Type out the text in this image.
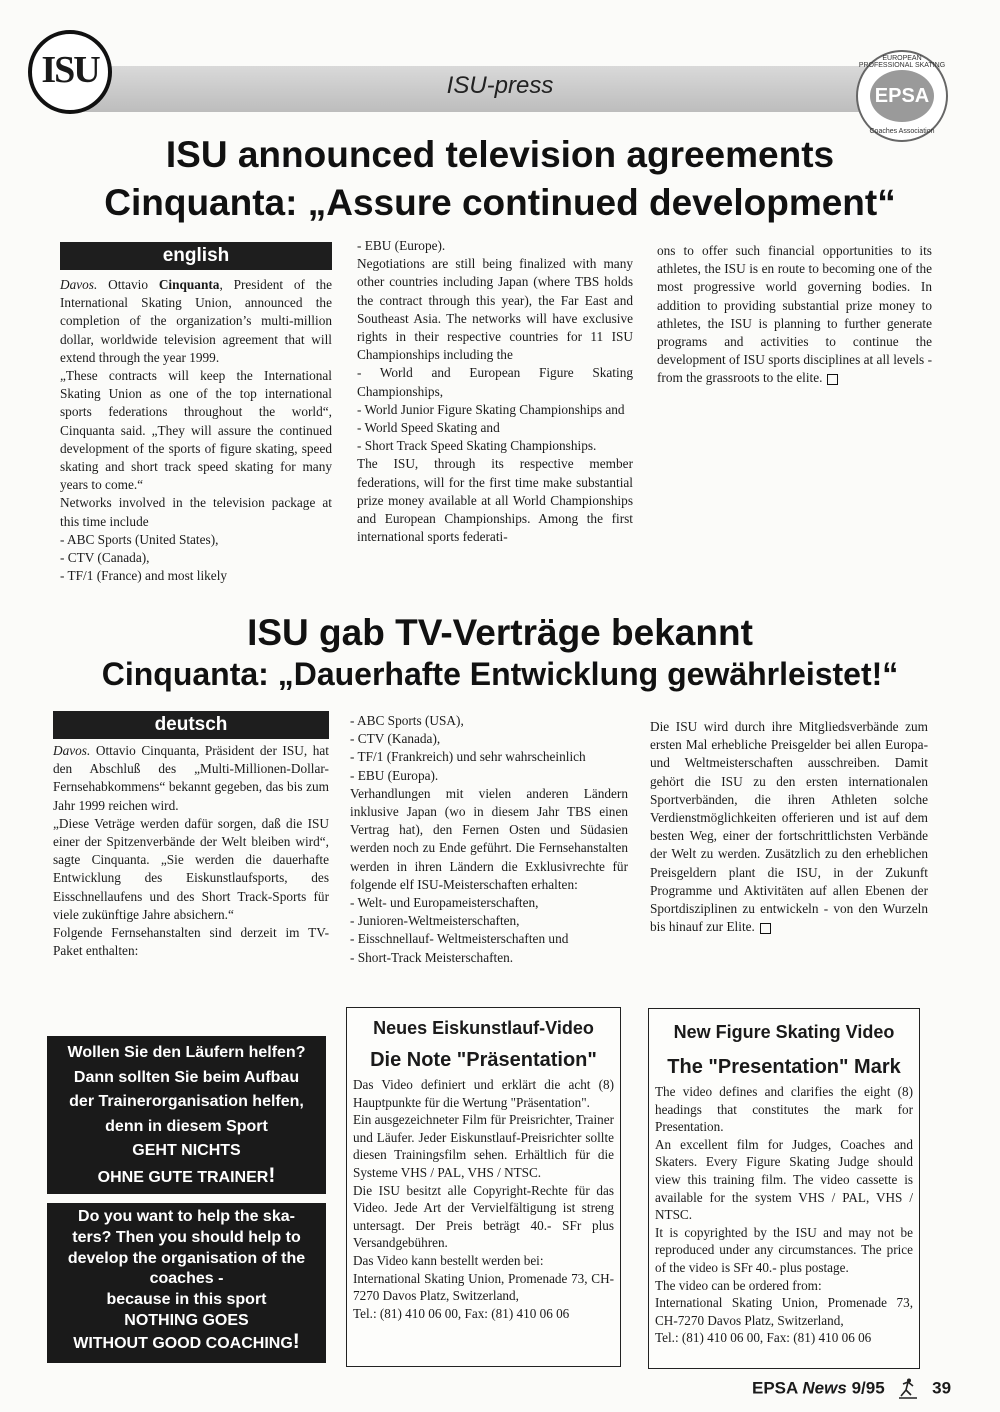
ISU-press
ISU	EUROPEAN PROFESSIONAL SKATING
EPSA
Coaches Association
ISU announced television agreements
Cinquanta: „Assure continued development“
english

Davos. Ottavio Cinquanta, President of the International Skating Union, announced the completion of the organization’s multi-million dollar, worldwide television agreement that will extend through the year 1999.

„These contracts will keep the International Skating Union as one of the top international sports federations throughout the world“, Cinquanta said. „They will assure the continued development of the sports of figure skating, speed skating and short track speed skating for many years to come.“

Networks involved in the television package at this time include

- ABC Sports (United States),

- CTV (Canada),

- TF/1 (France) and most likely

- EBU (Europe).

Negotiations are still being finalized with many other countries including Japan (where TBS holds the contract through this year), the Far East and Southeast Asia. The networks will have exclusive rights in their respective countries for 11 ISU Championships including the

- World and European Figure Skating Championships,

- World Junior Figure Skating Championships and

- World Speed Skating and

- Short Track Speed Skating Championships.

The ISU, through its respective member federations, will for the first time make substantial prize money available at all World Championships and European Championships. Among the first international sports federati-

ons to offer such financial opportunities to its athletes, the ISU is en route to becoming one of the most progressive world governing bodies. In addition to providing substantial prize money to athletes, the ISU is planning to further generate programs and activities to continue the development of ISU sports disciplines at all levels - from the grassroots to the elite.

ISU gab TV-Verträge bekannt
Cinquanta: „Dauerhafte Entwicklung gewährleistet!“
deutsch

Davos. Ottavio Cinquanta, Präsident der ISU, hat den Abschluß des „Multi-Millionen-Dollar-Fernsehabkommens“ bekannt gegeben, das bis zum Jahr 1999 reichen wird.

„Diese Veträge werden dafür sorgen, daß die ISU einer der Spitzenverbände der Welt bleiben wird“, sagte Cinquanta. „Sie werden die dauerhafte Entwicklung des Eiskunstlaufsports, des Eisschnellaufens und des Short Track-Sports für viele zukünftige Jahre absichern.“

Folgende Fernsehanstalten sind derzeit im TV-Paket enthalten:

- ABC Sports (USA),

- CTV (Kanada),

- TF/1 (Frankreich) und sehr wahrscheinlich

- EBU (Europa).

Verhandlungen mit vielen anderen Ländern inklusive Japan (wo in diesem Jahr TBS einen Vertrag hat), den Fernen Osten und Südasien werden noch zu Ende geführt. Die Fernsehanstalten werden in ihren Ländern die Exklusivrechte für folgende elf ISU-Meisterschaften erhalten:

- Welt- und Europameisterschaften,

- Junioren-Weltmeisterschaften,

- Eisschnellauf- Weltmeisterschaften und

- Short-Track Meisterschaften.

Die ISU wird durch ihre Mitgliedsverbände zum ersten Mal erhebliche Preisgelder bei allen Europa- und Weltmeisterschaften ausschreiben. Damit gehört die ISU zu den ersten internationalen Sportverbänden, die ihren Athleten solche Verdienstmöglichkeiten offerieren und ist auf dem besten Weg, einer der fortschrittlichsten Verbände der Welt zu werden. Zusätzlich zu den erheblichen Preisgeldern plant die ISU, in der Zukunft Programme und Aktivitäten auf allen Ebenen der Sportdisziplinen zu entwickeln - von den Wurzeln bis hinauf zur Elite.

Wollen Sie den Läufern helfen?
Dann sollten Sie beim Aufbau
der Trainerorganisation helfen,
denn in diesem Sport
GEHT NICHTS
OHNE GUTE TRAINER!
Do you want to help the ska-
ters? Then you should help to
develop the organisation of the
coaches -
because in this sport
NOTHING GOES
WITHOUT GOOD COACHING!
Neues Eiskunstlauf-Video
Die Note "Präsentation"

Das Video definiert und erklärt die acht (8) Hauptpunkte für die Wertung "Präsentation".

Ein ausgezeichneter Film für Preisrichter, Trainer und Läufer. Jeder Eiskunstlauf-Preisrichter sollte diesen Trainingsfilm sehen. Erhältlich für die Systeme VHS / PAL, VHS / NTSC.

Die ISU besitzt alle Copyright-Rechte für das Video. Jede Art der Vervielfältigung ist streng untersagt. Der Preis beträgt 40.- SFr plus Versandgebühren.

Das Video kann bestellt werden bei:

International Skating Union, Promenade 73, CH-7270 Davos Platz, Switzerland,

Tel.: (81) 410 06 00, Fax: (81) 410 06 06

New Figure Skating Video
The "Presentation" Mark

The video defines and clarifies the eight (8) headings that constitutes the mark for Presentation.

An excellent film for Judges, Coaches and Skaters. Every Figure Skating Judge should view this training film. The video cassette is available for the system VHS / PAL, VHS / NTSC.

It is copyrighted by the ISU and may not be reproduced under any circumstances. The price of the video is SFr 40.- plus postage.

The video can be ordered from:

International Skating Union, Promenade 73, CH-7270 Davos Platz, Switzerland,

Tel.: (81) 410 06 00, Fax: (81) 410 06 06

EPSA News 9/95	39
